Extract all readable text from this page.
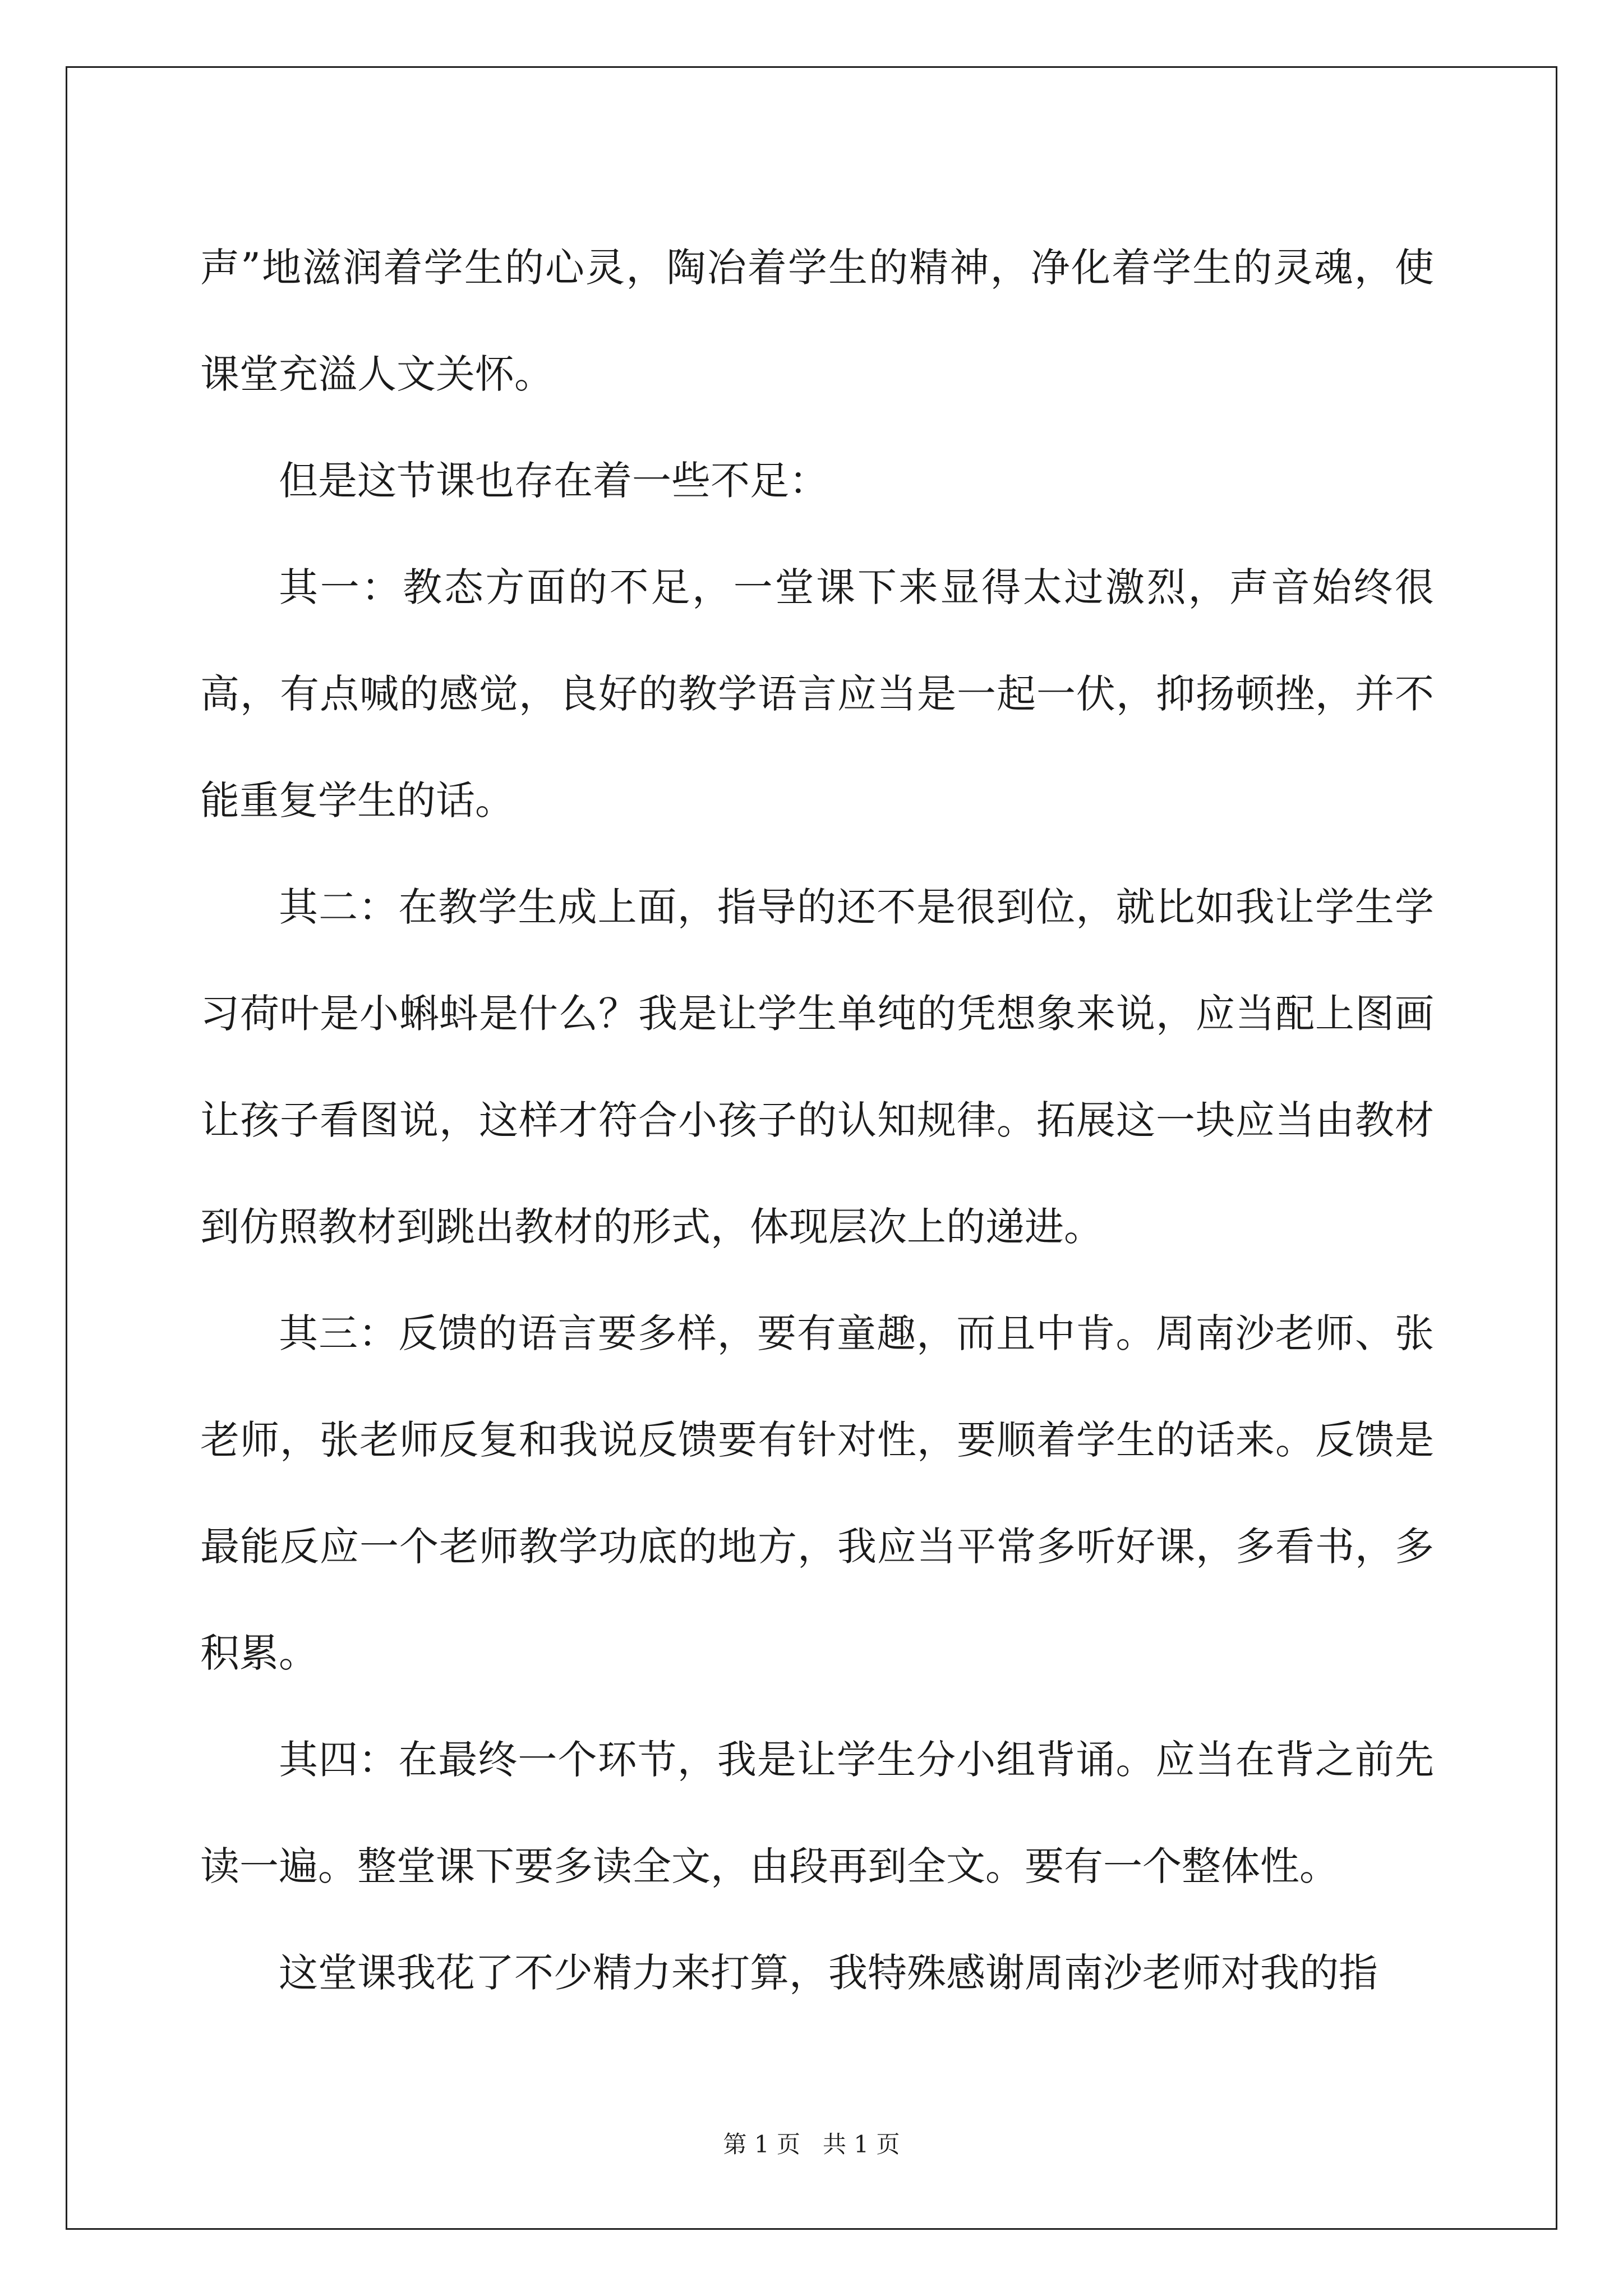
声”地滋润着学生的心灵，陶冶着学生的精神，净化着学生的灵魂，使课堂充溢人文关怀。

但是这节课也存在着一些不足：

其一：教态方面的不足，一堂课下来显得太过激烈，声音始终很高，有点喊的感觉，良好的教学语言应当是一起一伏，抑扬顿挫，并不能重复学生的话。

其二：在教学生成上面，指导的还不是很到位，就比如我让学生学习荷叶是小蝌蚪是什么？我是让学生单纯的凭想象来说，应当配上图画让孩子看图说，这样才符合小孩子的认知规律。拓展这一块应当由教材到仿照教材到跳出教材的形式，体现层次上的递进。

其三：反馈的语言要多样，要有童趣，而且中肯。周南沙老师、张老师，张老师反复和我说反馈要有针对性，要顺着学生的话来。反馈是最能反应一个老师教学功底的地方，我应当平常多听好课，多看书，多积累。

其四：在最终一个环节，我是让学生分小组背诵。应当在背之前先读一遍。整堂课下要多读全文，由段再到全文。要有一个整体性。

这堂课我花了不少精力来打算，我特殊感谢周南沙老师对我的指

第 1 页 共 1 页
